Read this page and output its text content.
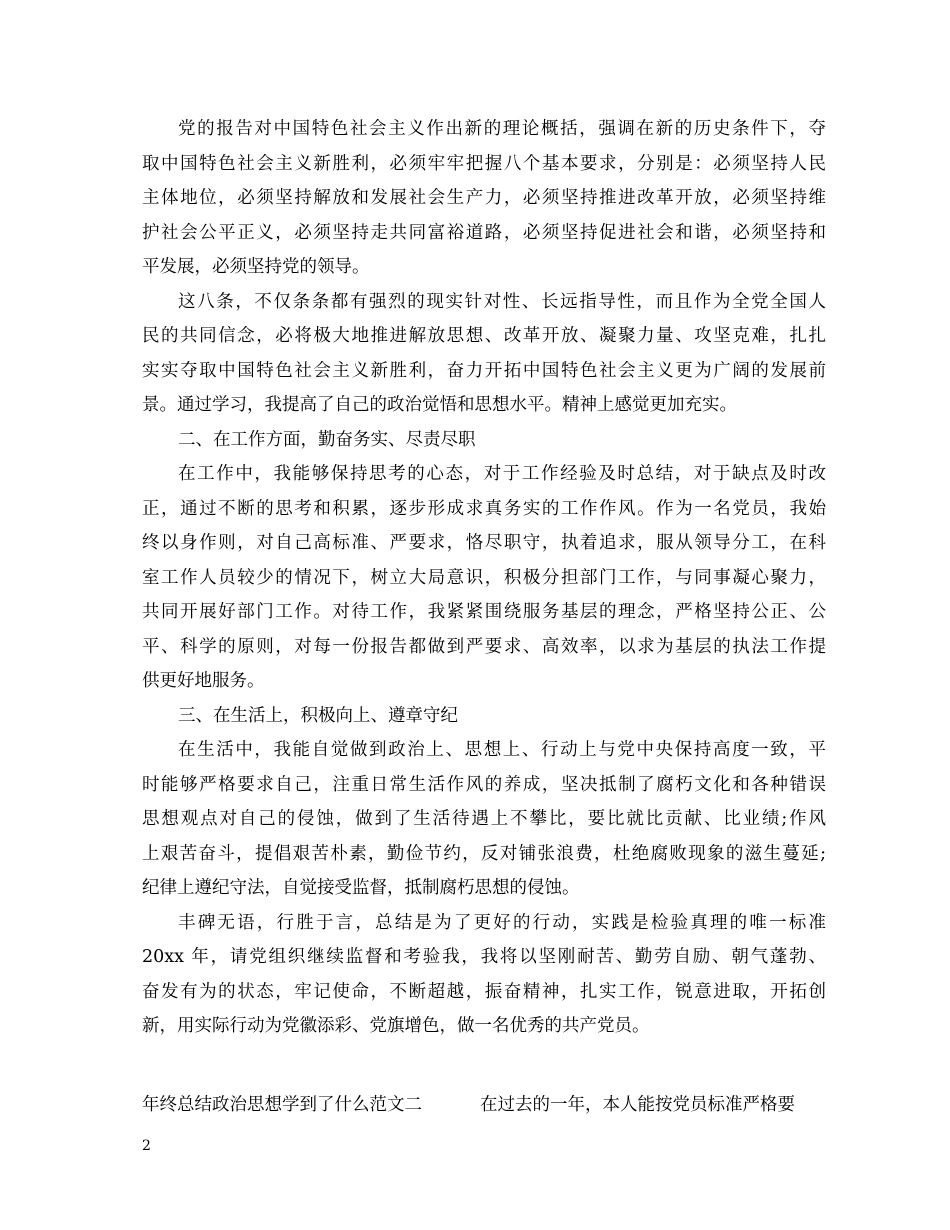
党的报告对中国特色社会主义作出新的理论概括，强调在新的历史条件下，夺
取中国特色社会主义新胜利，必须牢牢把握八个基本要求，分别是：必须坚持人民
主体地位，必须坚持解放和发展社会生产力，必须坚持推进改革开放，必须坚持维
护社会公平正义，必须坚持走共同富裕道路，必须坚持促进社会和谐，必须坚持和
平发展，必须坚持党的领导。
这八条，不仅条条都有强烈的现实针对性、长远指导性，而且作为全党全国人
民的共同信念，必将极大地推进解放思想、改革开放、凝聚力量、攻坚克难，扎扎
实实夺取中国特色社会主义新胜利，奋力开拓中国特色社会主义更为广阔的发展前
景。通过学习，我提高了自己的政治觉悟和思想水平。精神上感觉更加充实。
二、在工作方面，勤奋务实、尽责尽职
在工作中，我能够保持思考的心态，对于工作经验及时总结，对于缺点及时改
正，通过不断的思考和积累，逐步形成求真务实的工作作风。作为一名党员，我始
终以身作则，对自己高标准、严要求，恪尽职守，执着追求，服从领导分工，在科
室工作人员较少的情况下，树立大局意识，积极分担部门工作，与同事凝心聚力，
共同开展好部门工作。对待工作，我紧紧围绕服务基层的理念，严格坚持公正、公
平、科学的原则，对每一份报告都做到严要求、高效率，以求为基层的执法工作提
供更好地服务。
三、在生活上，积极向上、遵章守纪
在生活中，我能自觉做到政治上、思想上、行动上与党中央保持高度一致，平
时能够严格要求自己，注重日常生活作风的养成，坚决抵制了腐朽文化和各种错误
思想观点对自己的侵蚀，做到了生活待遇上不攀比，要比就比贡献、比业绩;作风
上艰苦奋斗，提倡艰苦朴素，勤俭节约，反对铺张浪费，杜绝腐败现象的滋生蔓延;
纪律上遵纪守法，自觉接受监督，抵制腐朽思想的侵蚀。
丰碑无语，行胜于言，总结是为了更好的行动，实践是检验真理的唯一标准
20xx 年，请党组织继续监督和考验我，我将以坚刚耐苦、勤劳自励、朝气蓬勃、
奋发有为的状态，牢记使命，不断超越，振奋精神，扎实工作，锐意进取，开拓创
新，用实际行动为党徽添彩、党旗增色，做一名优秀的共产党员。
年终总结政治思想学到了什么范文二	在过去的一年，本人能按党员标准严格要
2
